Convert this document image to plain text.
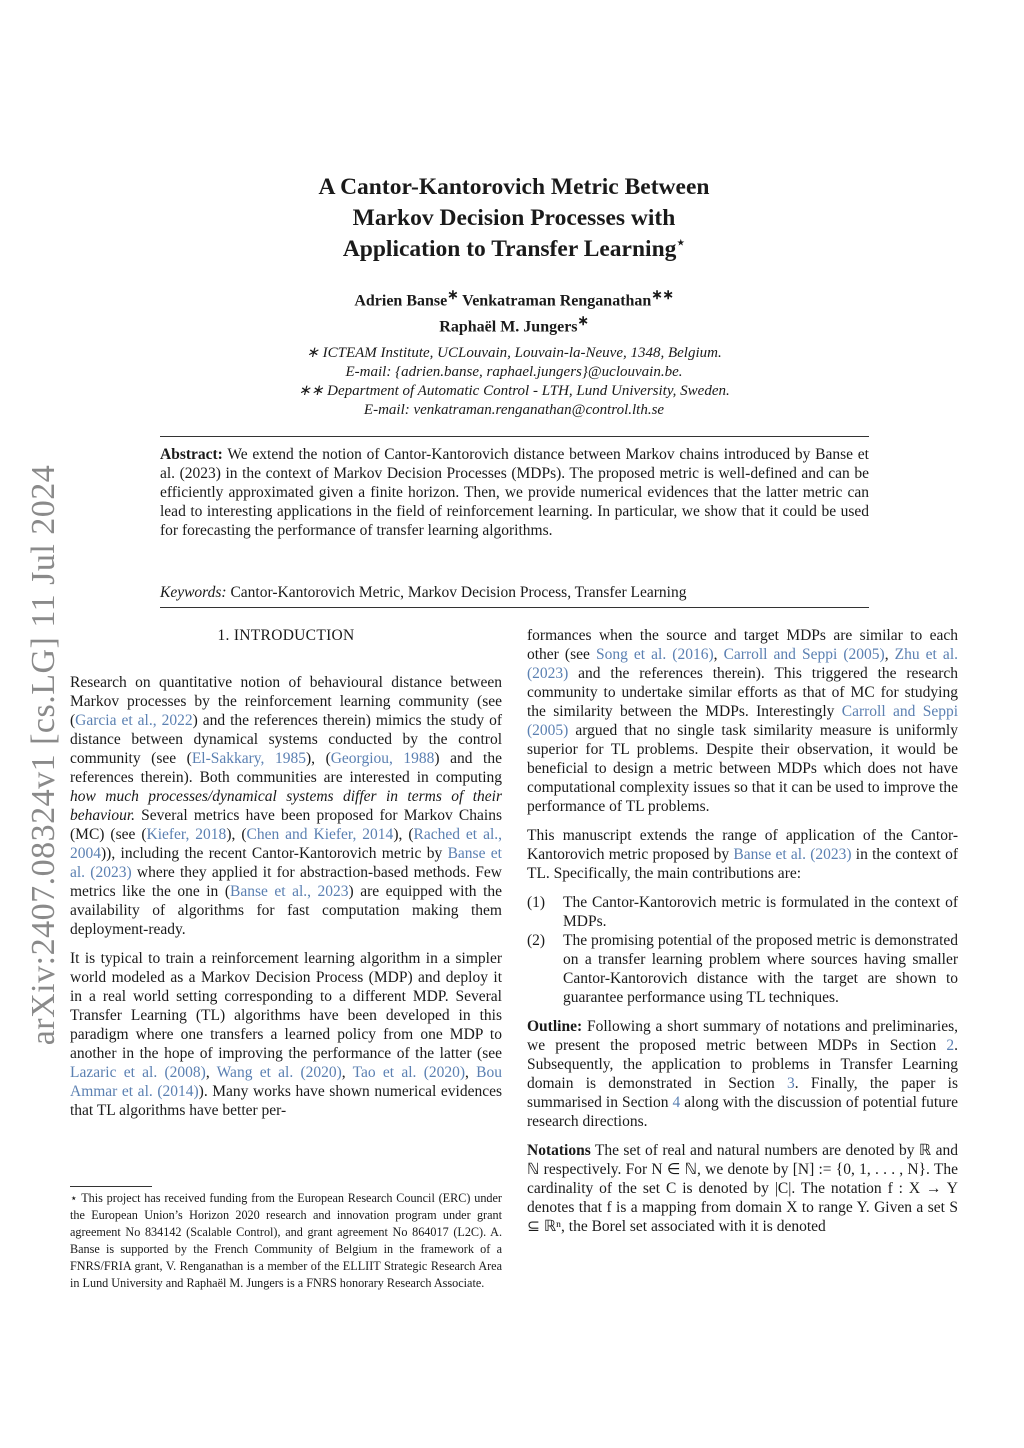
arXiv:2407.08324v1 [cs.LG] 11 Jul 2024
A Cantor-Kantorovich Metric Between
Markov Decision Processes with
Application to Transfer Learning⋆
Adrien Banse∗ Venkatraman Renganathan∗∗
Raphaël M. Jungers∗
∗ ICTEAM Institute, UCLouvain, Louvain-la-Neuve, 1348, Belgium.
E-mail: {adrien.banse, raphael.jungers}@uclouvain.be.
∗∗ Department of Automatic Control - LTH, Lund University, Sweden.
E-mail: venkatraman.renganathan@control.lth.se
Abstract: We extend the notion of Cantor-Kantorovich distance between Markov chains introduced by Banse et al. (2023) in the context of Markov Decision Processes (MDPs). The proposed metric is well-defined and can be efficiently approximated given a finite horizon. Then, we provide numerical evidences that the latter metric can lead to interesting applications in the field of reinforcement learning. In particular, we show that it could be used for forecasting the performance of transfer learning algorithms.
Keywords: Cantor-Kantorovich Metric, Markov Decision Process, Transfer Learning
1. INTRODUCTION

Research on quantitative notion of behavioural distance between Markov processes by the reinforcement learning community (see (Garcia et al., 2022) and the references therein) mimics the study of distance between dynamical systems conducted by the control community (see (El-Sakkary, 1985), (Georgiou, 1988) and the references therein). Both communities are interested in computing how much processes/dynamical systems differ in terms of their behaviour. Several metrics have been proposed for Markov Chains (MC) (see (Kiefer, 2018), (Chen and Kiefer, 2014), (Rached et al., 2004)), including the recent Cantor-Kantorovich metric by Banse et al. (2023) where they applied it for abstraction-based methods. Few metrics like the one in (Banse et al., 2023) are equipped with the availability of algorithms for fast computation making them deployment-ready.

It is typical to train a reinforcement learning algorithm in a simpler world modeled as a Markov Decision Process (MDP) and deploy it in a real world setting corresponding to a different MDP. Several Transfer Learning (TL) algorithms have been developed in this paradigm where one transfers a learned policy from one MDP to another in the hope of improving the performance of the latter (see Lazaric et al. (2008), Wang et al. (2020), Tao et al. (2020), Bou Ammar et al. (2014)). Many works have shown numerical evidences that TL algorithms have better per-

⋆ This project has received funding from the European Research Council (ERC) under the European Union’s Horizon 2020 research and innovation program under grant agreement No 834142 (Scalable Control), and grant agreement No 864017 (L2C). A. Banse is supported by the French Community of Belgium in the framework of a FNRS/FRIA grant, V. Renganathan is a member of the ELLIIT Strategic Research Area in Lund University and Raphaël M. Jungers is a FNRS honorary Research Associate.

formances when the source and target MDPs are similar to each other (see Song et al. (2016), Carroll and Seppi (2005), Zhu et al. (2023) and the references therein). This triggered the research community to undertake similar efforts as that of MC for studying the similarity between the MDPs. Interestingly Carroll and Seppi (2005) argued that no single task similarity measure is uniformly superior for TL problems. Despite their observation, it would be beneficial to design a metric between MDPs which does not have computational complexity issues so that it can be used to improve the performance of TL problems.

This manuscript extends the range of application of the Cantor-Kantorovich metric proposed by Banse et al. (2023) in the context of TL. Specifically, the main contributions are:

(1)	The Cantor-Kantorovich metric is formulated in the context of MDPs.
(2)	The promising potential of the proposed metric is demonstrated on a transfer learning problem where sources having smaller Cantor-Kantorovich distance with the target are shown to guarantee performance using TL techniques.

Outline: Following a short summary of notations and preliminaries, we present the proposed metric between MDPs in Section 2. Subsequently, the application to problems in Transfer Learning domain is demonstrated in Section 3. Finally, the paper is summarised in Section 4 along with the discussion of potential future research directions.

Notations The set of real and natural numbers are denoted by ℝ and ℕ respectively. For N ∈ ℕ, we denote by [N] := {0, 1, . . . , N}. The cardinality of the set C is denoted by |C|. The notation f : X → Y denotes that f is a mapping from domain X to range Y. Given a set S ⊆ ℝⁿ, the Borel set associated with it is denoted
